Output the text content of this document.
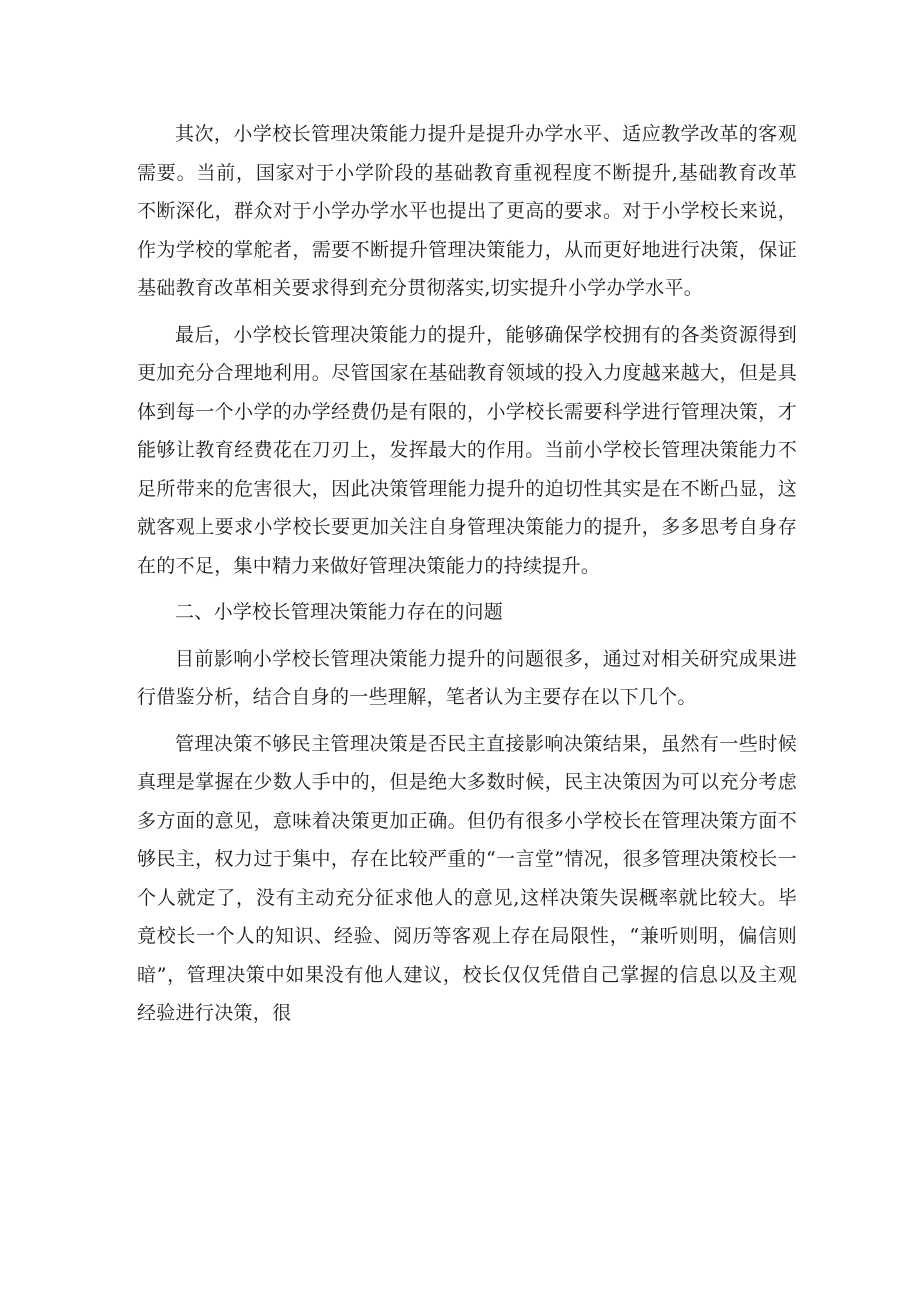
其次，小学校长管理决策能力提升是提升办学水平、适应教学改革的客观需要。当前，国家对于小学阶段的基础教育重视程度不断提升,基础教育改革不断深化，群众对于小学办学水平也提出了更高的要求。对于小学校长来说，作为学校的掌舵者，需要不断提升管理决策能力，从而更好地进行决策，保证基础教育改革相关要求得到充分贯彻落实,切实提升小学办学水平。

最后，小学校长管理决策能力的提升，能够确保学校拥有的各类资源得到更加充分合理地利用。尽管国家在基础教育领域的投入力度越来越大，但是具体到每一个小学的办学经费仍是有限的，小学校长需要科学进行管理决策，才能够让教育经费花在刀刃上，发挥最大的作用。当前小学校长管理决策能力不足所带来的危害很大，因此决策管理能力提升的迫切性其实是在不断凸显，这就客观上要求小学校长要更加关注自身管理决策能力的提升，多多思考自身存在的不足，集中精力来做好管理决策能力的持续提升。

二、小学校长管理决策能力存在的问题

目前影响小学校长管理决策能力提升的问题很多，通过对相关研究成果进行借鉴分析，结合自身的一些理解，笔者认为主要存在以下几个。

管理决策不够民主管理决策是否民主直接影响决策结果，虽然有一些时候真理是掌握在少数人手中的，但是绝大多数时候，民主决策因为可以充分考虑多方面的意见，意味着决策更加正确。但仍有很多小学校长在管理决策方面不够民主，权力过于集中，存在比较严重的“一言堂”情况，很多管理决策校长一个人就定了，没有主动充分征求他人的意见,这样决策失误概率就比较大。毕竟校长一个人的知识、经验、阅历等客观上存在局限性，“兼听则明，偏信则暗”，管理决策中如果没有他人建议，校长仅仅凭借自己掌握的信息以及主观经验进行决策，很
